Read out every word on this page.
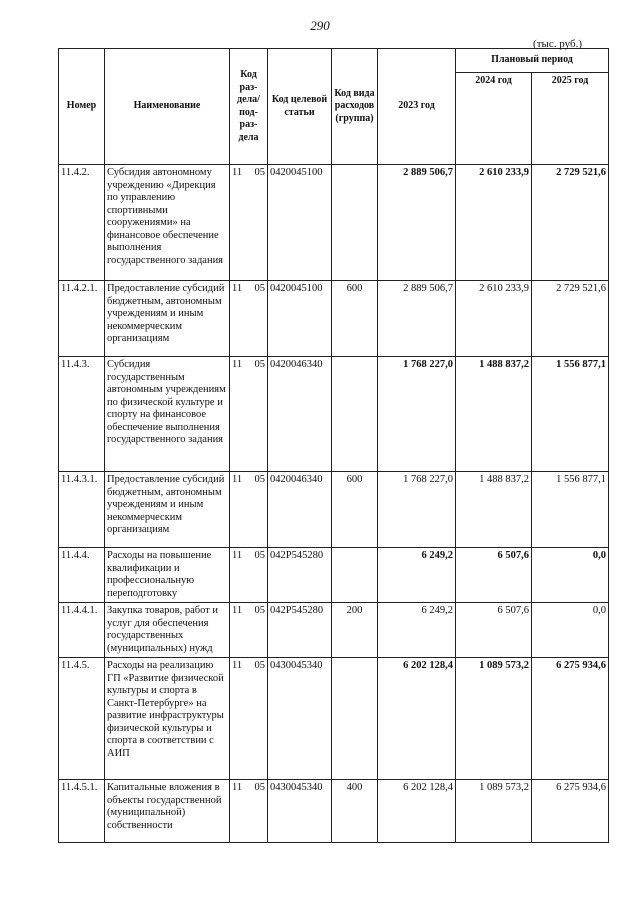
290
(тыс. руб.)
Номер	Наименование	Код раз-дела/ под-раз-дела	Код целевой статьи	Код вида расходов (группа)	2023 год	Плановый период	
						2024 год	2025 год
11.4.2.	Субсидия автономному учреждению «Дирекция по управлению спортивными сооружениями» на финансовое обеспечение выполнения государственного задания	11 05	0420045100		2 889 506,7	2 610 233,9	2 729 521,6
11.4.2.1.	Предоставление субсидий бюджетным, автономным учреждениям и иным некоммерческим организациям	11 05	0420045100	600	2 889 506,7	2 610 233,9	2 729 521,6
11.4.3.	Субсидия государственным автономным учреждениям по физической культуре и спорту на финансовое обеспечение выполнения государственного задания	11 05	0420046340		1 768 227,0	1 488 837,2	1 556 877,1
11.4.3.1.	Предоставление субсидий бюджетным, автономным учреждениям и иным некоммерческим организациям	11 05	0420046340	600	1 768 227,0	1 488 837,2	1 556 877,1
11.4.4.	Расходы на повышение квалификации и профессиональную переподготовку	11 05	042Р545280		6 249,2	6 507,6	0,0
11.4.4.1.	Закупка товаров, работ и услуг для обеспечения государственных (муниципальных) нужд	11 05	042Р545280	200	6 249,2	6 507,6	0,0
11.4.5.	Расходы на реализацию ГП «Развитие физической культуры и спорта в Санкт-Петербурге» на развитие инфраструктуры физической культуры и спорта в соответствии с АИП	11 05	0430045340		6 202 128,4	1 089 573,2	6 275 934,6
11.4.5.1.	Капитальные вложения в объекты государственной (муниципальной) собственности	11 05	0430045340	400	6 202 128,4	1 089 573,2	6 275 934,6
